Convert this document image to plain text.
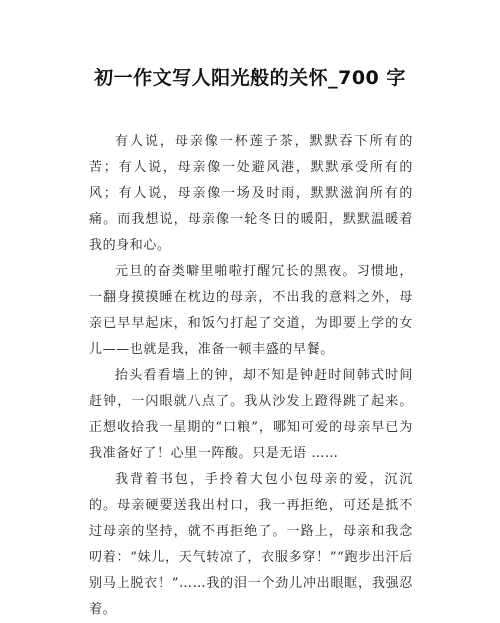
初一作文写人阳光般的关怀_700 字

有人说，母亲像一杯莲子茶，默默吞下所有的苦；有人说，母亲像一处避风港，默默承受所有的风；有人说，母亲像一场及时雨，默默滋润所有的痛。而我想说，母亲像一轮冬日的暖阳，默默温暖着我的身和心。

元旦的奋类噼里啪啦打醒冗长的黑夜。习惯地，一翻身摸摸睡在枕边的母亲，不出我的意料之外，母亲已早早起床，和饭勺打起了交道，为即要上学的女儿——也就是我，准备一顿丰盛的早餐。

抬头看看墙上的钟，却不知是钟赶时间韩式时间赶钟，一闪眼就八点了。我从沙发上蹬得跳了起来。正想收拾我一星期的“口粮”，哪知可爱的母亲早已为我准备好了！心里一阵酸。只是无语 ……

我背着书包，手拎着大包小包母亲的爱，沉沉的。母亲硬要送我出村口，我一再拒绝，可还是抵不过母亲的坚持，就不再拒绝了。一路上，母亲和我念叨着：“妹儿，天气转凉了，衣服多穿！”“跑步出汗后别马上脱衣！”……我的泪一个劲儿冲出眼眶，我强忍着。
